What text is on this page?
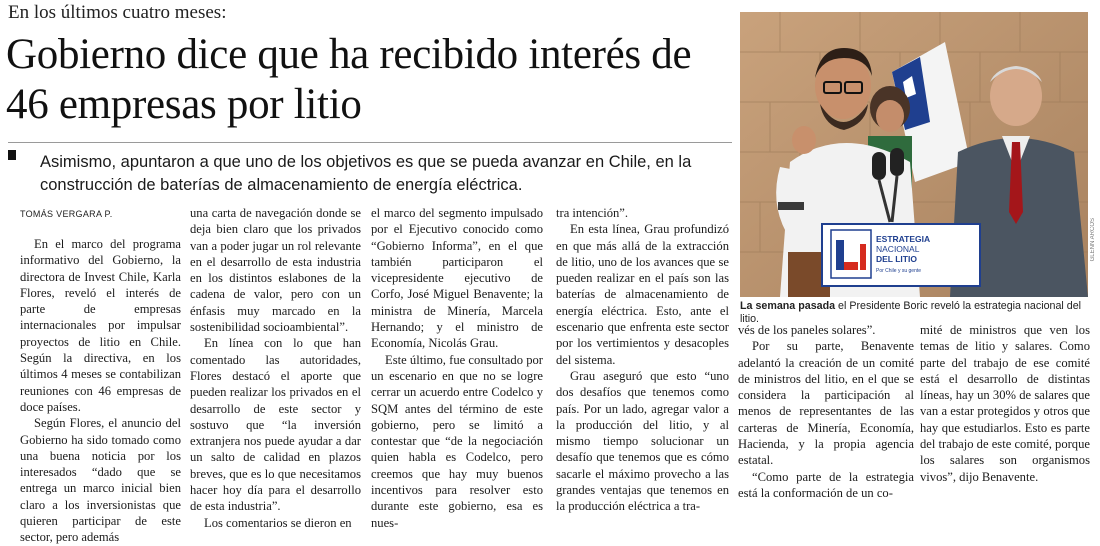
En los últimos cuatro meses:
Gobierno dice que ha recibido interés de 46 empresas por litio
Asimismo, apuntaron a que uno de los objetivos es que se pueda avanzar en Chile, en la construcción de baterías de almacenamiento de energía eléctrica.
TOMÁS VERGARA P.

En el marco del programa informativo del Gobierno, la directora de Invest Chile, Karla Flores, reveló el interés de parte de empresas internacionales por impulsar proyectos de litio en Chile. Según la directiva, en los últimos 4 meses se contabilizan reuniones con 46 empresas de doce países.

Según Flores, el anuncio del Gobierno ha sido tomado como una buena noticia por los interesados “dado que se entrega un marco inicial bien claro a los inversionistas que quieren participar de este sector, pero además

una carta de navegación donde se deja bien claro que los privados van a poder jugar un rol relevante en el desarrollo de esta industria en los distintos eslabones de la cadena de valor, pero con un énfasis muy marcado en la sostenibilidad socioambiental”.

En línea con lo que han comentado las autoridades, Flores destacó el aporte que pueden realizar los privados en el desarrollo de este sector y sostuvo que “la inversión extranjera nos puede ayudar a dar un salto de calidad en plazos breves, que es lo que necesitamos hacer hoy día para el desarrollo de esta industria”.

Los comentarios se dieron en

el marco del segmento impulsado por el Ejecutivo conocido como “Gobierno Informa”, en el que también participaron el vicepresidente ejecutivo de Corfo, José Miguel Benavente; la ministra de Minería, Marcela Hernando; y el ministro de Economía, Nicolás Grau.

Este último, fue consultado por un escenario en que no se logre cerrar un acuerdo entre Codelco y SQM antes del término de este gobierno, pero se limitó a contestar que “de la negociación quien habla es Codelco, pero creemos que hay muy buenos incentivos para resolver esto durante este gobierno, esa es nues-

tra intención”.

En esta línea, Grau profundizó en que más allá de la extracción de litio, uno de los avances que se pueden realizar en el país son las baterías de almacenamiento de energía eléctrica. Esto, ante el escenario que enfrenta este sector por los vertimientos y desacoples del sistema.

Grau aseguró que esto “uno dos desafíos que tenemos como país. Por un lado, agregar valor a la producción del litio, y al mismo tiempo solucionar un desafío que tenemos que es cómo sacarle el máximo provecho a las grandes ventajas que tenemos en la producción eléctrica a tra-

vés de los paneles solares”.

Por su parte, Benavente adelantó la creación de un comité de ministros del litio, en el que se considera la participación al menos de representantes de las carteras de Minería, Economía, Hacienda, y la propia agencia estatal.

“Como parte de la estrategia está la conformación de un co-

mité de ministros que ven los temas de litio y salares. Como parte del trabajo de ese comité está el desarrollo de distintas líneas, hay un 30% de salares que van a estar protegidos y otros que hay que estudiarlos. Esto es parte del trabajo de este comité, porque los salares son organismos vivos”, dijo Benavente.

ESTRATEGIA
NACIONAL
DEL LITIO
Por Chile y su gente
GLENN ARCOS
La semana pasada el Presidente Boric reveló la estrategia nacional del litio.
